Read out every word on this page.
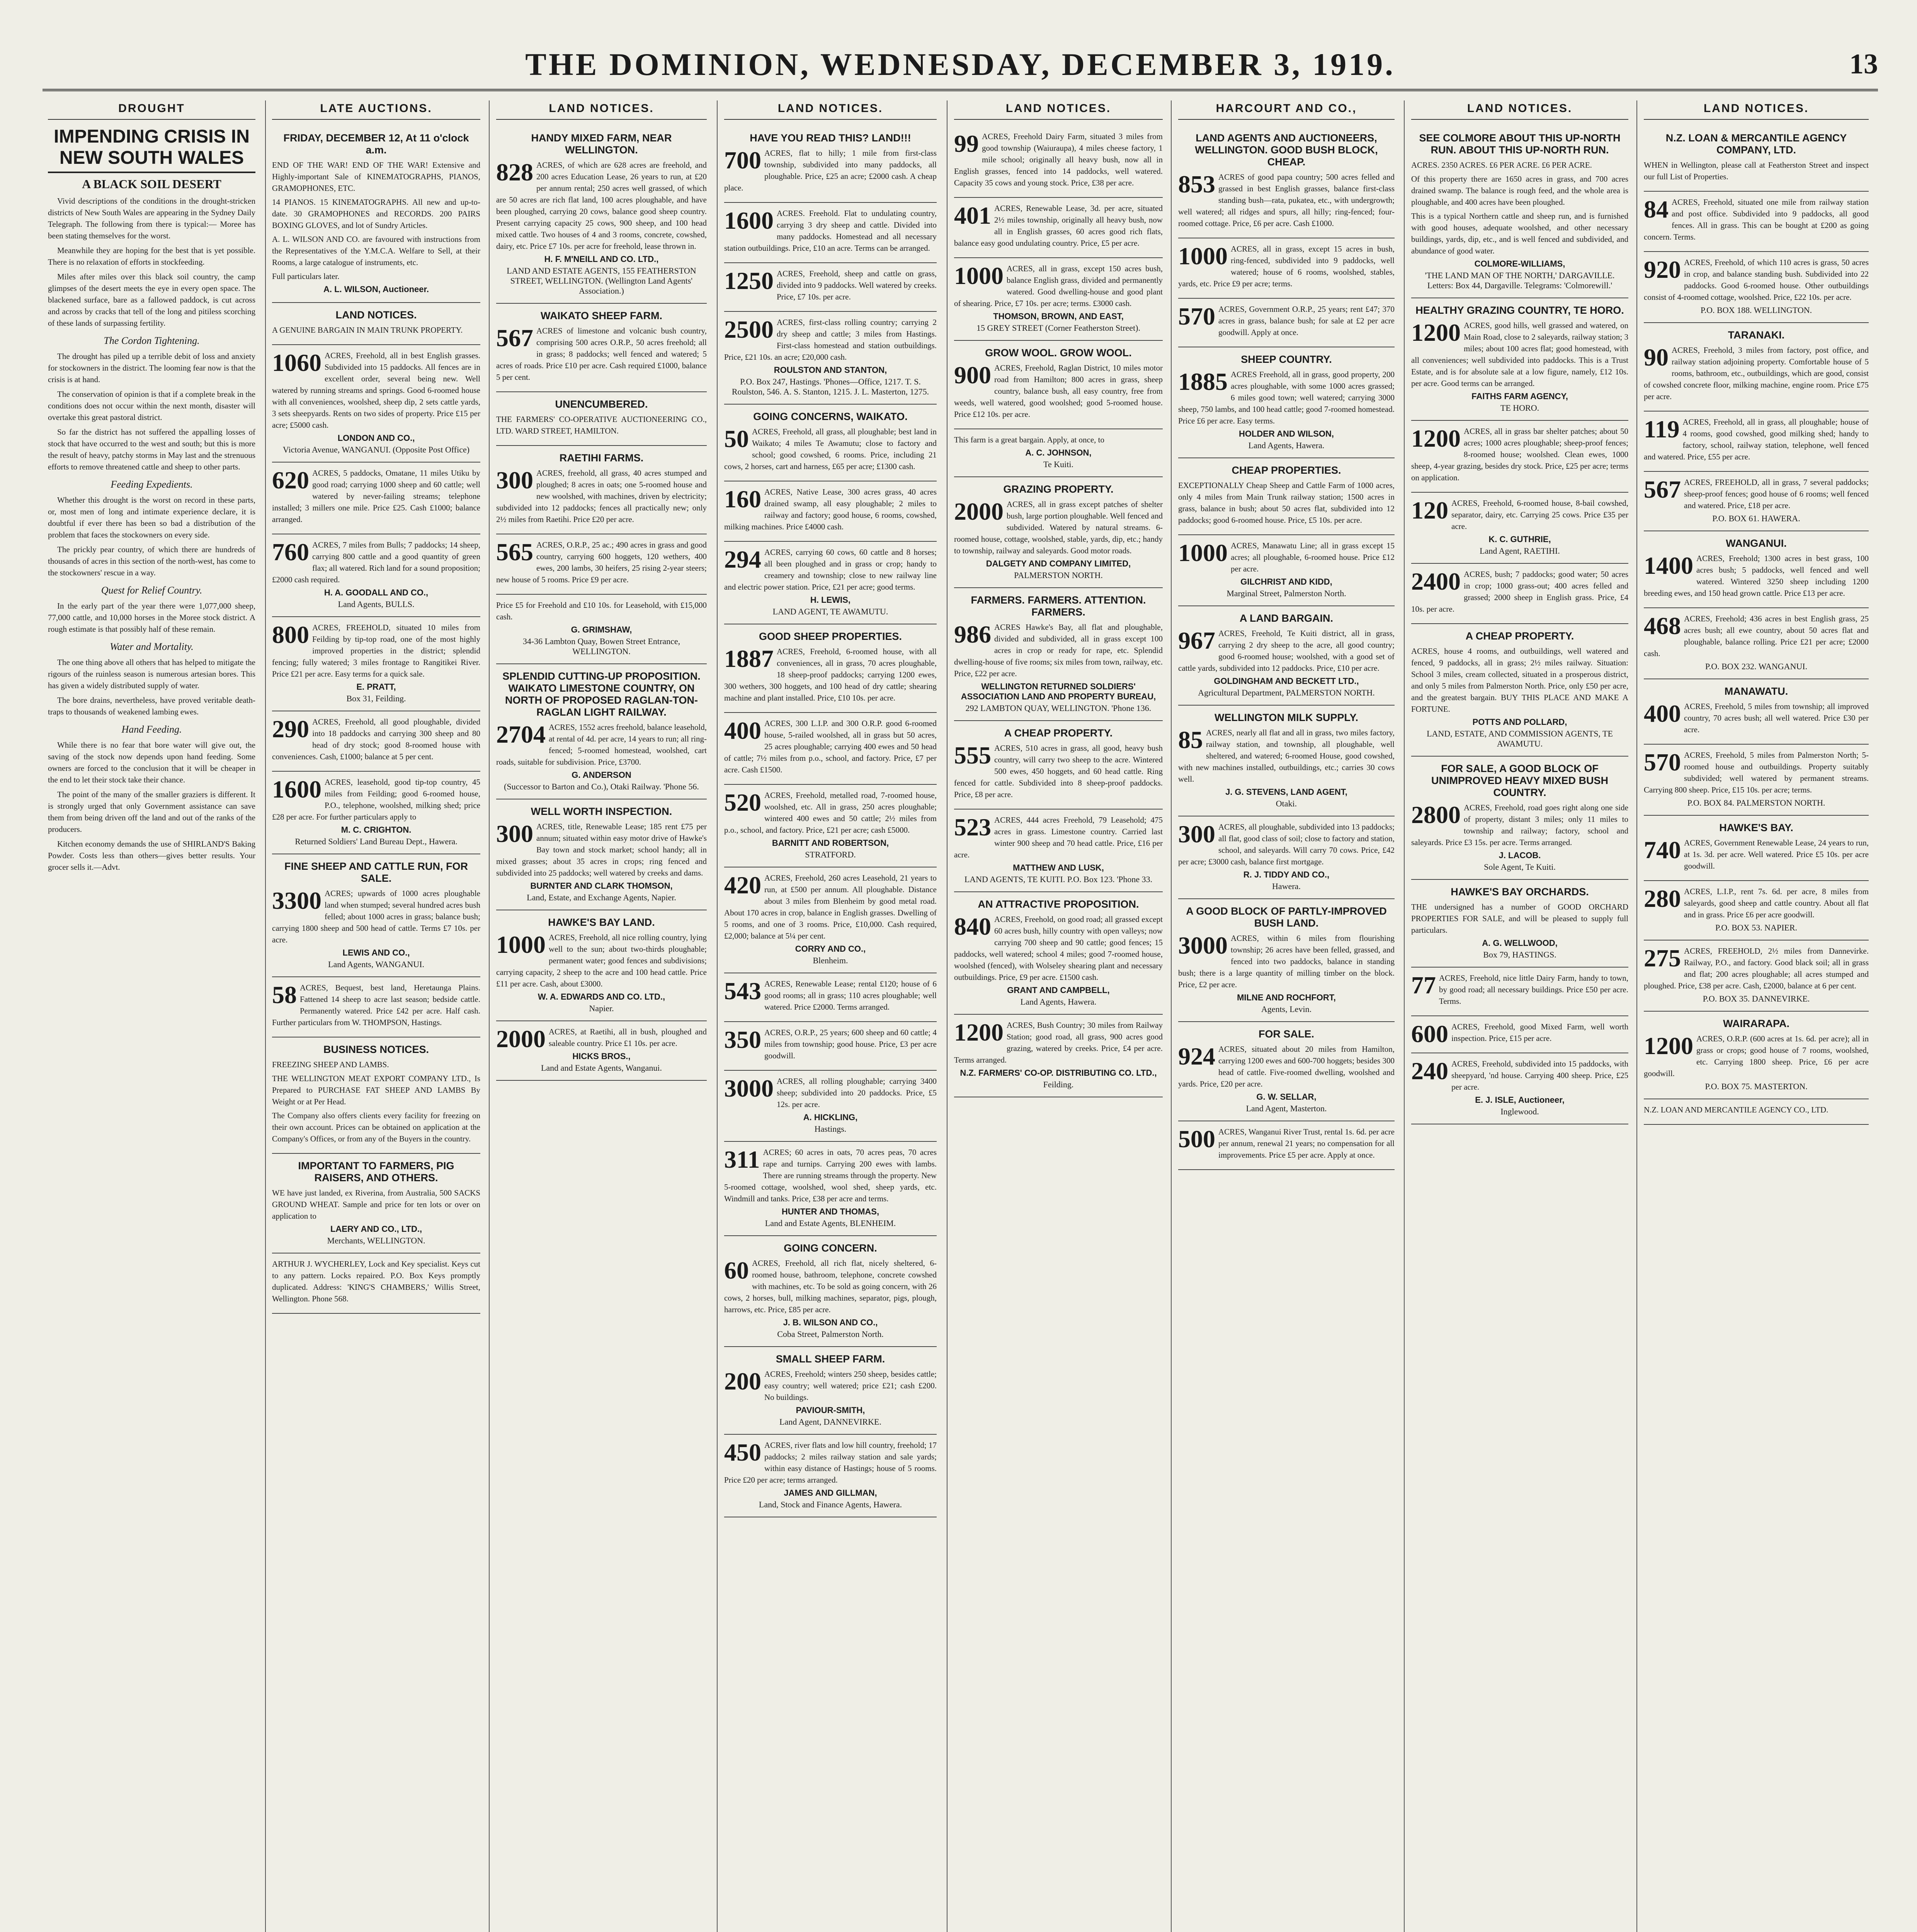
THE DOMINION, WEDNESDAY, DECEMBER 3, 1919.	13
DROUGHT
IMPENDING CRISIS IN NEW SOUTH WALES
A BLACK SOIL DESERT

Vivid descriptions of the conditions in the drought-stricken districts of New South Wales are appearing in the Sydney Daily Telegraph. The following from there is typical:— Moree has been stating themselves for the worst.

Meanwhile they are hoping for the best that is yet possible. There is no relaxation of efforts in stockfeeding.

Miles after miles over this black soil country, the camp glimpses of the desert meets the eye in every open space. The blackened surface, bare as a fallowed paddock, is cut across and across by cracks that tell of the long and pitiless scorching of these lands of surpassing fertility.

The Cordon Tightening.

The drought has piled up a terrible debit of loss and anxiety for stockowners in the district. The looming fear now is that the crisis is at hand.

The conservation of opinion is that if a complete break in the conditions does not occur within the next month, disaster will overtake this great pastoral district.

So far the district has not suffered the appalling losses of stock that have occurred to the west and south; but this is more the result of heavy, patchy storms in May last and the strenuous efforts to remove threatened cattle and sheep to other parts.

Feeding Expedients.

Whether this drought is the worst on record in these parts, or, most men of long and intimate experience declare, it is doubtful if ever there has been so bad a distribution of the problem that faces the stockowners on every side.

The prickly pear country, of which there are hundreds of thousands of acres in this section of the north-west, has come to the stockowners' rescue in a way.

Quest for Relief Country.

In the early part of the year there were 1,077,000 sheep, 77,000 cattle, and 10,000 horses in the Moree stock district. A rough estimate is that possibly half of these remain.

Water and Mortality.

The one thing above all others that has helped to mitigate the rigours of the ruinless season is numerous artesian bores. This has given a widely distributed supply of water.

The bore drains, nevertheless, have proved veritable death-traps to thousands of weakened lambing ewes.

Hand Feeding.

While there is no fear that bore water will give out, the saving of the stock now depends upon hand feeding. Some owners are forced to the conclusion that it will be cheaper in the end to let their stock take their chance.

The point of the many of the smaller graziers is different. It is strongly urged that only Government assistance can save them from being driven off the land and out of the ranks of the producers.

Kitchen economy demands the use of SHIRLAND'S Baking Powder. Costs less than others—gives better results. Your grocer sells it.—Advt.

LATE AUCTIONS.
FRIDAY, DECEMBER 12, At 11 o'clock a.m.

END OF THE WAR! END OF THE WAR! Extensive and Highly-important Sale of KINEMATOGRAPHS, PIANOS, GRAMOPHONES, ETC.

14 PIANOS. 15 KINEMATOGRAPHS. All new and up-to-date. 30 GRAMOPHONES and RECORDS. 200 PAIRS BOXING GLOVES, and lot of Sundry Articles.

A. L. WILSON AND CO. are favoured with instructions from the Representatives of the Y.M.C.A. Welfare to Sell, at their Rooms, a large catalogue of instruments, etc.

Full particulars later.

A. L. WILSON, Auctioneer.
LAND NOTICES.

A GENUINE BARGAIN IN MAIN TRUNK PROPERTY.

1060 ACRES, Freehold, all in best English grasses. Subdivided into 15 paddocks. All fences are in excellent order, several being new. Well watered by running streams and springs. Good 6-roomed house with all conveniences, woolshed, sheep dip, 2 sets cattle yards, 3 sets sheepyards. Rents on two sides of property. Price £15 per acre; £5000 cash.

LONDON AND CO.,
Victoria Avenue, WANGANUI. (Opposite Post Office)

620 ACRES, 5 paddocks, Omatane, 11 miles Utiku by good road; carrying 1000 sheep and 60 cattle; well watered by never-failing streams; telephone installed; 3 millers one mile. Price £25. Cash £1000; balance arranged.

760 ACRES, 7 miles from Bulls; 7 paddocks; 14 sheep, carrying 800 cattle and a good quantity of green flax; all watered. Rich land for a sound proposition; £2000 cash required.

H. A. GOODALL AND CO.,
Land Agents, BULLS.

800 ACRES, FREEHOLD, situated 10 miles from Feilding by tip-top road, one of the most highly improved properties in the district; splendid fencing; fully watered; 3 miles frontage to Rangitikei River. Price £21 per acre. Easy terms for a quick sale.

E. PRATT,
Box 31, Feilding.

290 ACRES, Freehold, all good ploughable, divided into 18 paddocks and carrying 300 sheep and 80 head of dry stock; good 8-roomed house with conveniences. Cash, £1000; balance at 5 per cent.

1600 ACRES, leasehold, good tip-top country, 45 miles from Feilding; good 6-roomed house, P.O., telephone, woolshed, milking shed; price £28 per acre. For further particulars apply to

M. C. CRIGHTON.
Returned Soldiers' Land Bureau Dept., Hawera.
FINE SHEEP AND CATTLE RUN, FOR SALE.

3300 ACRES; upwards of 1000 acres ploughable land when stumped; several hundred acres bush felled; about 1000 acres in grass; balance bush; carrying 1800 sheep and 500 head of cattle. Terms £7 10s. per acre.

LEWIS AND CO.,
Land Agents, WANGANUI.

58 ACRES, Bequest, best land, Heretaunga Plains. Fattened 14 sheep to acre last season; bedside cattle. Permanently watered. Price £42 per acre. Half cash. Further particulars from W. THOMPSON, Hastings.

BUSINESS NOTICES.

FREEZING SHEEP AND LAMBS.

THE WELLINGTON MEAT EXPORT COMPANY LTD., Is Prepared to PURCHASE FAT SHEEP AND LAMBS By Weight or at Per Head.

The Company also offers clients every facility for freezing on their own account. Prices can be obtained on application at the Company's Offices, or from any of the Buyers in the country.

IMPORTANT TO FARMERS, PIG RAISERS, AND OTHERS.

WE have just landed, ex Riverina, from Australia, 500 SACKS GROUND WHEAT. Sample and price for ten lots or over on application to

LAERY AND CO., LTD.,
Merchants, WELLINGTON.

ARTHUR J. WYCHERLEY, Lock and Key specialist. Keys cut to any pattern. Locks repaired. P.O. Box Keys promptly duplicated. Address: 'KING'S CHAMBERS,' Willis Street, Wellington. Phone 568.

LAND NOTICES.
HANDY MIXED FARM, NEAR WELLINGTON.

828 ACRES, of which are 628 acres are freehold, and 200 acres Education Lease, 26 years to run, at £20 per annum rental; 250 acres well grassed, of which are 50 acres are rich flat land, 100 acres ploughable, and have been ploughed, carrying 20 cows, balance good sheep country. Present carrying capacity 25 cows, 900 sheep, and 100 head mixed cattle. Two houses of 4 and 3 rooms, concrete, cowshed, dairy, etc. Price £7 10s. per acre for freehold, lease thrown in.

H. F. M'NEILL AND CO. LTD.,
LAND AND ESTATE AGENTS, 155 FEATHERSTON STREET, WELLINGTON. (Wellington Land Agents' Association.)
WAIKATO SHEEP FARM.

567 ACRES of limestone and volcanic bush country, comprising 500 acres O.R.P., 50 acres freehold; all in grass; 8 paddocks; well fenced and watered; 5 acres of roads. Price £10 per acre. Cash required £1000, balance 5 per cent.

UNENCUMBERED.

THE FARMERS' CO-OPERATIVE AUCTIONEERING CO., LTD. WARD STREET, HAMILTON.

RAETIHI FARMS.

300 ACRES, freehold, all grass, 40 acres stumped and ploughed; 8 acres in oats; one 5-roomed house and new woolshed, with machines, driven by electricity; subdivided into 12 paddocks; fences all practically new; only 2½ miles from Raetihi. Price £20 per acre.

565 ACRES, O.R.P., 25 ac.; 490 acres in grass and good country, carrying 600 hoggets, 120 wethers, 400 ewes, 200 lambs, 30 heifers, 25 rising 2-year steers; new house of 5 rooms. Price £9 per acre.

Price £5 for Freehold and £10 10s. for Leasehold, with £15,000 cash.

G. GRIMSHAW,
34-36 Lambton Quay, Bowen Street Entrance, WELLINGTON.
SPLENDID CUTTING-UP PROPOSITION. WAIKATO LIMESTONE COUNTRY, ON NORTH OF PROPOSED RAGLAN-TON-RAGLAN LIGHT RAILWAY.

2704 ACRES, 1552 acres freehold, balance leasehold, at rental of 4d. per acre, 14 years to run; all ring-fenced; 5-roomed homestead, woolshed, cart roads, suitable for subdivision. Price, £3700.

G. ANDERSON
(Successor to Barton and Co.), Otaki Railway. 'Phone 56.
WELL WORTH INSPECTION.

300 ACRES, title, Renewable Lease; 185 rent £75 per annum; situated within easy motor drive of Hawke's Bay town and stock market; school handy; all in mixed grasses; about 35 acres in crops; ring fenced and subdivided into 25 paddocks; well watered by creeks and dams.

BURNTER AND CLARK THOMSON,
Land, Estate, and Exchange Agents, Napier.
HAWKE'S BAY LAND.

1000 ACRES, Freehold, all nice rolling country, lying well to the sun; about two-thirds ploughable; permanent water; good fences and subdivisions; carrying capacity, 2 sheep to the acre and 100 head cattle. Price £11 per acre. Cash, about £3000.

W. A. EDWARDS AND CO. LTD.,
Napier.

2000 ACRES, at Raetihi, all in bush, ploughed and saleable country. Price £1 10s. per acre.

HICKS BROS.,
Land and Estate Agents, Wanganui.
LAND NOTICES.
HAVE YOU READ THIS? LAND!!!

700 ACRES, flat to hilly; 1 mile from first-class township, subdivided into many paddocks, all ploughable. Price, £25 an acre; £2000 cash. A cheap place.

1600 ACRES. Freehold. Flat to undulating country, carrying 3 dry sheep and cattle. Divided into many paddocks. Homestead and all necessary station outbuildings. Price, £10 an acre. Terms can be arranged.

1250 ACRES, Freehold, sheep and cattle on grass, divided into 9 paddocks. Well watered by creeks. Price, £7 10s. per acre.

2500 ACRES, first-class rolling country; carrying 2 dry sheep and cattle; 3 miles from Hastings. First-class homestead and station outbuildings. Price, £21 10s. an acre; £20,000 cash.

ROULSTON AND STANTON,
P.O. Box 247, Hastings. 'Phones—Office, 1217. T. S. Roulston, 546. A. S. Stanton, 1215. J. L. Masterton, 1275.
GOING CONCERNS, WAIKATO.

50 ACRES, Freehold, all grass, all ploughable; best land in Waikato; 4 miles Te Awamutu; close to factory and school; good cowshed, 6 rooms. Price, including 21 cows, 2 horses, cart and harness, £65 per acre; £1300 cash.

160 ACRES, Native Lease, 300 acres grass, 40 acres drained swamp, all easy ploughable; 2 miles to railway and factory; good house, 6 rooms, cowshed, milking machines. Price £4000 cash.

294 ACRES, carrying 60 cows, 60 cattle and 8 horses; all been ploughed and in grass or crop; handy to creamery and township; close to new railway line and electric power station. Price, £21 per acre; good terms.

H. LEWIS,
LAND AGENT, TE AWAMUTU.
GOOD SHEEP PROPERTIES.

1887 ACRES, Freehold, 6-roomed house, with all conveniences, all in grass, 70 acres ploughable, 18 sheep-proof paddocks; carrying 1200 ewes, 300 wethers, 300 hoggets, and 100 head of dry cattle; shearing machine and plant installed. Price, £10 10s. per acre.

400 ACRES, 300 L.I.P. and 300 O.R.P. good 6-roomed house, 5-railed woolshed, all in grass but 50 acres, 25 acres ploughable; carrying 400 ewes and 50 head of cattle; 7½ miles from p.o., school, and factory. Price, £7 per acre. Cash £1500.

520 ACRES, Freehold, metalled road, 7-roomed house, woolshed, etc. All in grass, 250 acres ploughable; wintered 400 ewes and 50 cattle; 2½ miles from p.o., school, and factory. Price, £21 per acre; cash £5000.

BARNITT AND ROBERTSON,
STRATFORD.

420 ACRES, Freehold, 260 acres Leasehold, 21 years to run, at £500 per annum. All ploughable. Distance about 3 miles from Blenheim by good metal road. About 170 acres in crop, balance in English grasses. Dwelling of 5 rooms, and one of 3 rooms. Price, £10,000. Cash required, £2,000; balance at 5¼ per cent.

CORRY AND CO.,
Blenheim.

543 ACRES, Renewable Lease; rental £120; house of 6 good rooms; all in grass; 110 acres ploughable; well watered. Price £2000. Terms arranged.

350 ACRES, O.R.P., 25 years; 600 sheep and 60 cattle; 4 miles from township; good house. Price, £3 per acre goodwill.

3000 ACRES, all rolling ploughable; carrying 3400 sheep; subdivided into 20 paddocks. Price, £5 12s. per acre.

A. HICKLING,
Hastings.

311 ACRES; 60 acres in oats, 70 acres peas, 70 acres rape and turnips. Carrying 200 ewes with lambs. There are running streams through the property. New 5-roomed cottage, woolshed, wool shed, sheep yards, etc. Windmill and tanks. Price, £38 per acre and terms.

HUNTER AND THOMAS,
Land and Estate Agents, BLENHEIM.
GOING CONCERN.

60 ACRES, Freehold, all rich flat, nicely sheltered, 6-roomed house, bathroom, telephone, concrete cowshed with machines, etc. To be sold as going concern, with 26 cows, 2 horses, bull, milking machines, separator, pigs, plough, harrows, etc. Price, £85 per acre.

J. B. WILSON AND CO.,
Coba Street, Palmerston North.
SMALL SHEEP FARM.

200 ACRES, Freehold; winters 250 sheep, besides cattle; easy country; well watered; price £21; cash £200. No buildings.

PAVIOUR-SMITH,
Land Agent, DANNEVIRKE.

450 ACRES, river flats and low hill country, freehold; 17 paddocks; 2 miles railway station and sale yards; within easy distance of Hastings; house of 5 rooms. Price £20 per acre; terms arranged.

JAMES AND GILLMAN,
Land, Stock and Finance Agents, Hawera.
LAND NOTICES.

99 ACRES, Freehold Dairy Farm, situated 3 miles from good township (Waiuraupa), 4 miles cheese factory, 1 mile school; originally all heavy bush, now all in English grasses, fenced into 14 paddocks, well watered. Capacity 35 cows and young stock. Price, £38 per acre.

401 ACRES, Renewable Lease, 3d. per acre, situated 2½ miles township, originally all heavy bush, now all in English grasses, 60 acres good rich flats, balance easy good undulating country. Price, £5 per acre.

1000 ACRES, all in grass, except 150 acres bush, balance English grass, divided and permanently watered. Good dwelling-house and good plant of shearing. Price, £7 10s. per acre; terms. £3000 cash.

THOMSON, BROWN, AND EAST,
15 GREY STREET (Corner Featherston Street).
GROW WOOL. GROW WOOL.

900 ACRES, Freehold, Raglan District, 10 miles motor road from Hamilton; 800 acres in grass, sheep country, balance bush, all easy country, free from weeds, well watered, good woolshed; good 5-roomed house. Price £12 10s. per acre.

This farm is a great bargain. Apply, at once, to

A. C. JOHNSON,
Te Kuiti.
GRAZING PROPERTY.

2000 ACRES, all in grass except patches of shelter bush, large portion ploughable. Well fenced and subdivided. Watered by natural streams. 6-roomed house, cottage, woolshed, stable, yards, dip, etc.; handy to township, railway and saleyards. Good motor roads.

DALGETY AND COMPANY LIMITED,
PALMERSTON NORTH.
FARMERS. FARMERS. ATTENTION. FARMERS.

986 ACRES Hawke's Bay, all flat and ploughable, divided and subdivided, all in grass except 100 acres in crop or ready for rape, etc. Splendid dwelling-house of five rooms; six miles from town, railway, etc. Price, £22 per acre.

WELLINGTON RETURNED SOLDIERS' ASSOCIATION LAND AND PROPERTY BUREAU,
292 LAMBTON QUAY, WELLINGTON. 'Phone 136.
A CHEAP PROPERTY.

555 ACRES, 510 acres in grass, all good, heavy bush country, will carry two sheep to the acre. Wintered 500 ewes, 450 hoggets, and 60 head cattle. Ring fenced for cattle. Subdivided into 8 sheep-proof paddocks. Price, £8 per acre.

523 ACRES, 444 acres Freehold, 79 Leasehold; 475 acres in grass. Limestone country. Carried last winter 900 sheep and 70 head cattle. Price, £16 per acre.

MATTHEW AND LUSK,
LAND AGENTS, TE KUITI. P.O. Box 123. 'Phone 33.
AN ATTRACTIVE PROPOSITION.

840 ACRES, Freehold, on good road; all grassed except 60 acres bush, hilly country with open valleys; now carrying 700 sheep and 90 cattle; good fences; 15 paddocks, well watered; school 4 miles; good 7-roomed house, woolshed (fenced), with Wolseley shearing plant and necessary outbuildings. Price, £9 per acre. £1500 cash.

GRANT AND CAMPBELL,
Land Agents, Hawera.

1200 ACRES, Bush Country; 30 miles from Railway Station; good road, all grass, 900 acres good grazing, watered by creeks. Price, £4 per acre. Terms arranged.

N.Z. FARMERS' CO-OP. DISTRIBUTING CO. LTD.,
Feilding.
HARCOURT AND CO.,
LAND AGENTS AND AUCTIONEERS, WELLINGTON. GOOD BUSH BLOCK, CHEAP.

853 ACRES of good papa country; 500 acres felled and grassed in best English grasses, balance first-class standing bush—rata, pukatea, etc., with undergrowth; well watered; all ridges and spurs, all hilly; ring-fenced; four-roomed cottage. Price, £6 per acre. Cash £1000.

1000 ACRES, all in grass, except 15 acres in bush, ring-fenced, subdivided into 9 paddocks, well watered; house of 6 rooms, woolshed, stables, yards, etc. Price £9 per acre; terms.

570 ACRES, Government O.R.P., 25 years; rent £47; 370 acres in grass, balance bush; for sale at £2 per acre goodwill. Apply at once.

SHEEP COUNTRY.

1885 ACRES Freehold, all in grass, good property, 200 acres ploughable, with some 1000 acres grassed; 6 miles good town; well watered; carrying 3000 sheep, 750 lambs, and 100 head cattle; good 7-roomed homestead. Price £6 per acre. Easy terms.

HOLDER AND WILSON,
Land Agents, Hawera.
CHEAP PROPERTIES.

EXCEPTIONALLY Cheap Sheep and Cattle Farm of 1000 acres, only 4 miles from Main Trunk railway station; 1500 acres in grass, balance in bush; about 50 acres flat, subdivided into 12 paddocks; good 6-roomed house. Price, £5 10s. per acre.

1000 ACRES, Manawatu Line; all in grass except 15 acres; all ploughable, 6-roomed house. Price £12 per acre.

GILCHRIST AND KIDD,
Marginal Street, Palmerston North.
A LAND BARGAIN.

967 ACRES, Freehold, Te Kuiti district, all in grass, carrying 2 dry sheep to the acre, all good country; good 6-roomed house; woolshed, with a good set of cattle yards, subdivided into 12 paddocks. Price, £10 per acre.

GOLDINGHAM AND BECKETT LTD.,
Agricultural Department, PALMERSTON NORTH.
WELLINGTON MILK SUPPLY.

85 ACRES, nearly all flat and all in grass, two miles factory, railway station, and township, all ploughable, well sheltered, and watered; 6-roomed House, good cowshed, with new machines installed, outbuildings, etc.; carries 30 cows well.

J. G. STEVENS, LAND AGENT,
Otaki.

300 ACRES, all ploughable, subdivided into 13 paddocks; all flat, good class of soil; close to factory and station, school, and saleyards. Will carry 70 cows. Price, £42 per acre; £3000 cash, balance first mortgage.

R. J. TIDDY AND CO.,
Hawera.
A GOOD BLOCK OF PARTLY-IMPROVED BUSH LAND.

3000 ACRES, within 6 miles from flourishing township; 26 acres have been felled, grassed, and fenced into two paddocks, balance in standing bush; there is a large quantity of milling timber on the block. Price, £2 per acre.

MILNE AND ROCHFORT,
Agents, Levin.
FOR SALE.

924 ACRES, situated about 20 miles from Hamilton, carrying 1200 ewes and 600-700 hoggets; besides 300 head of cattle. Five-roomed dwelling, woolshed and yards. Price, £20 per acre.

G. W. SELLAR,
Land Agent, Masterton.

500 ACRES, Wanganui River Trust, rental 1s. 6d. per acre per annum, renewal 21 years; no compensation for all improvements. Price £5 per acre. Apply at once.

LAND NOTICES.
SEE COLMORE ABOUT THIS UP-NORTH RUN. ABOUT THIS UP-NORTH RUN.

ACRES. 2350 ACRES. £6 PER ACRE. £6 PER ACRE.

Of this property there are 1650 acres in grass, and 700 acres drained swamp. The balance is rough feed, and the whole area is ploughable, and 400 acres have been ploughed.

This is a typical Northern cattle and sheep run, and is furnished with good houses, adequate woolshed, and other necessary buildings, yards, dip, etc., and is well fenced and subdivided, and abundance of good water.

COLMORE-WILLIAMS,
'THE LAND MAN OF THE NORTH,' DARGAVILLE. Letters: Box 44, Dargaville. Telegrams: 'Colmorewill.'
HEALTHY GRAZING COUNTRY, TE HORO.

1200 ACRES, good hills, well grassed and watered, on Main Road, close to 2 saleyards, railway station; 3 miles; about 100 acres flat; good homestead, with all conveniences; well subdivided into paddocks. This is a Trust Estate, and is for absolute sale at a low figure, namely, £12 10s. per acre. Good terms can be arranged.

FAITHS FARM AGENCY,
TE HORO.

1200 ACRES, all in grass bar shelter patches; about 50 acres; 1000 acres ploughable; sheep-proof fences; 8-roomed house; woolshed. Clean ewes, 1000 sheep, 4-year grazing, besides dry stock. Price, £25 per acre; terms on application.

120 ACRES, Freehold, 6-roomed house, 8-bail cowshed, separator, dairy, etc. Carrying 25 cows. Price £35 per acre.

K. C. GUTHRIE,
Land Agent, RAETIHI.

2400 ACRES, bush; 7 paddocks; good water; 50 acres in crop; 1000 grass-out; 400 acres felled and grassed; 2000 sheep in English grass. Price, £4 10s. per acre.

A CHEAP PROPERTY.

ACRES, house 4 rooms, and outbuildings, well watered and fenced, 9 paddocks, all in grass; 2½ miles railway. Situation: School 3 miles, cream collected, situated in a prosperous district, and only 5 miles from Palmerston North. Price, only £50 per acre, and the greatest bargain. BUY THIS PLACE AND MAKE A FORTUNE.

POTTS AND POLLARD,
LAND, ESTATE, AND COMMISSION AGENTS, TE AWAMUTU.
FOR SALE, A GOOD BLOCK OF UNIMPROVED HEAVY MIXED BUSH COUNTRY.

2800 ACRES, Freehold, road goes right along one side of property, distant 3 miles; only 11 miles to township and railway; factory, school and saleyards. Price £3 15s. per acre. Terms arranged.

J. LACOB.
Sole Agent, Te Kuiti.
HAWKE'S BAY ORCHARDS.

THE undersigned has a number of GOOD ORCHARD PROPERTIES FOR SALE, and will be pleased to supply full particulars.

A. G. WELLWOOD,
Box 79, HASTINGS.

77 ACRES, Freehold, nice little Dairy Farm, handy to town, by good road; all necessary buildings. Price £50 per acre. Terms.

600 ACRES, Freehold, good Mixed Farm, well worth inspection. Price, £15 per acre.

240 ACRES, Freehold, subdivided into 15 paddocks, with sheepyard, 'nd house. Carrying 400 sheep. Price, £25 per acre.

E. J. ISLE, Auctioneer,
Inglewood.
LAND NOTICES.
N.Z. LOAN & MERCANTILE AGENCY COMPANY, LTD.

WHEN in Wellington, please call at Featherston Street and inspect our full List of Properties.

84 ACRES, Freehold, situated one mile from railway station and post office. Subdivided into 9 paddocks, all good fences. All in grass. This can be bought at £200 as going concern. Terms.

920 ACRES, Freehold, of which 110 acres is grass, 50 acres in crop, and balance standing bush. Subdivided into 22 paddocks. Good 6-roomed house. Other outbuildings consist of 4-roomed cottage, woolshed. Price, £22 10s. per acre.

P.O. BOX 188. WELLINGTON.
TARANAKI.

90 ACRES, Freehold, 3 miles from factory, post office, and railway station adjoining property. Comfortable house of 5 rooms, bathroom, etc., outbuildings, which are good, consist of cowshed concrete floor, milking machine, engine room. Price £75 per acre.

119 ACRES, Freehold, all in grass, all ploughable; house of 4 rooms, good cowshed, good milking shed; handy to factory, school, railway station, telephone, well fenced and watered. Price, £55 per acre.

567 ACRES, FREEHOLD, all in grass, 7 several paddocks; sheep-proof fences; good house of 6 rooms; well fenced and watered. Price, £18 per acre.

P.O. BOX 61. HAWERA.
WANGANUI.

1400 ACRES, Freehold; 1300 acres in best grass, 100 acres bush; 5 paddocks, well fenced and well watered. Wintered 3250 sheep including 1200 breeding ewes, and 150 head grown cattle. Price £13 per acre.

468 ACRES, Freehold; 436 acres in best English grass, 25 acres bush; all ewe country, about 50 acres flat and ploughable, balance rolling. Price £21 per acre; £2000 cash.

P.O. BOX 232. WANGANUI.
MANAWATU.

400 ACRES, Freehold, 5 miles from township; all improved country, 70 acres bush; all well watered. Price £30 per acre.

570 ACRES, Freehold, 5 miles from Palmerston North; 5-roomed house and outbuildings. Property suitably subdivided; well watered by permanent streams. Carrying 800 sheep. Price, £15 10s. per acre; terms.

P.O. BOX 84. PALMERSTON NORTH.
HAWKE'S BAY.

740 ACRES, Government Renewable Lease, 24 years to run, at 1s. 3d. per acre. Well watered. Price £5 10s. per acre goodwill.

280 ACRES, L.I.P., rent 7s. 6d. per acre, 8 miles from saleyards, good sheep and cattle country. About all flat and in grass. Price £6 per acre goodwill.

P.O. BOX 53. NAPIER.

275 ACRES, FREEHOLD, 2½ miles from Dannevirke. Railway, P.O., and factory. Good black soil; all in grass and flat; 200 acres ploughable; all acres stumped and ploughed. Price, £38 per acre. Cash, £2000, balance at 6 per cent.

P.O. BOX 35. DANNEVIRKE.
WAIRARAPA.

1200 ACRES, O.R.P. (600 acres at 1s. 6d. per acre); all in grass or crops; good house of 7 rooms, woolshed, etc. Carrying 1800 sheep. Price, £6 per acre goodwill.

P.O. BOX 75. MASTERTON.

N.Z. LOAN AND MERCANTILE AGENCY CO., LTD.
